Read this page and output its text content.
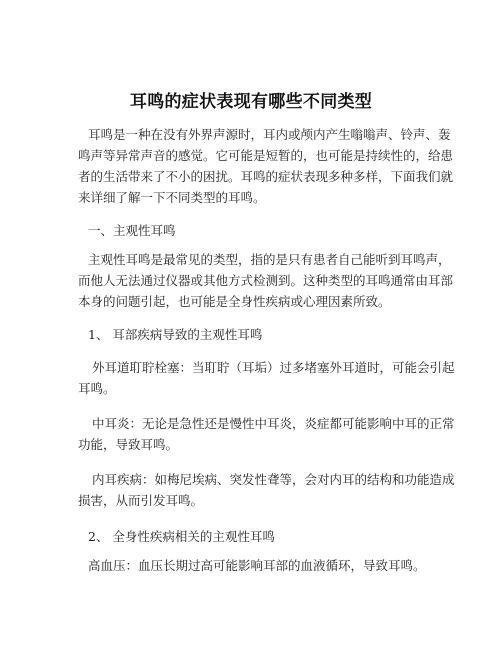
耳鸣的症状表现有哪些不同类型
耳鸣是一种在没有外界声源时，耳内或颅内产生嗡嗡声、铃声、轰
鸣声等异常声音的感觉。它可能是短暂的，也可能是持续性的，给患
者的生活带来了不小的困扰。耳鸣的症状表现多种多样，下面我们就
来详细了解一下不同类型的耳鸣。
一、主观性耳鸣
主观性耳鸣是最常见的类型，指的是只有患者自己能听到耳鸣声，
而他人无法通过仪器或其他方式检测到。这种类型的耳鸣通常由耳部
本身的问题引起，也可能是全身性疾病或心理因素所致。
1、 耳部疾病导致的主观性耳鸣
外耳道耵聍栓塞：当耵聍（耳垢）过多堵塞外耳道时，可能会引起
耳鸣。
中耳炎：无论是急性还是慢性中耳炎，炎症都可能影响中耳的正常
功能，导致耳鸣。
内耳疾病：如梅尼埃病、突发性聋等，会对内耳的结构和功能造成
损害，从而引发耳鸣。
2、 全身性疾病相关的主观性耳鸣
高血压：血压长期过高可能影响耳部的血液循环，导致耳鸣。
